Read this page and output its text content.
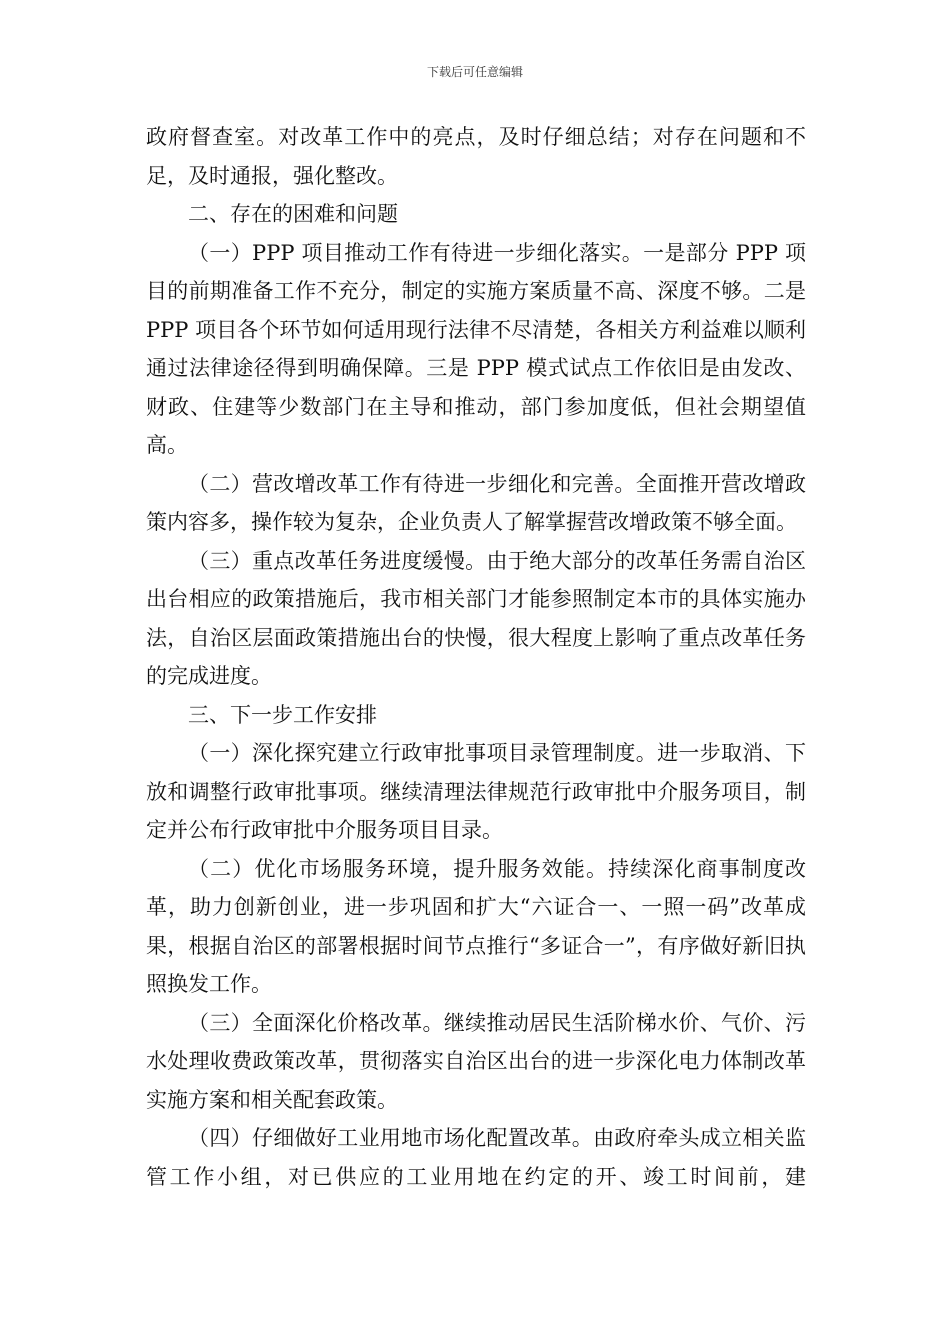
下载后可任意编辑

政府督查室。对改革工作中的亮点，及时仔细总结；对存在问题和不足，及时通报，强化整改。

二、存在的困难和问题

（一）PPP 项目推动工作有待进一步细化落实。一是部分 PPP 项目的前期准备工作不充分，制定的实施方案质量不高、深度不够。二是 PPP 项目各个环节如何适用现行法律不尽清楚，各相关方利益难以顺利通过法律途径得到明确保障。三是 PPP 模式试点工作依旧是由发改、财政、住建等少数部门在主导和推动，部门参加度低，但社会期望值高。

（二）营改增改革工作有待进一步细化和完善。全面推开营改增政策内容多，操作较为复杂，企业负责人了解掌握营改增政策不够全面。

（三）重点改革任务进度缓慢。由于绝大部分的改革任务需自治区出台相应的政策措施后，我市相关部门才能参照制定本市的具体实施办法，自治区层面政策措施出台的快慢，很大程度上影响了重点改革任务的完成进度。

三、下一步工作安排

（一）深化探究建立行政审批事项目录管理制度。进一步取消、下放和调整行政审批事项。继续清理法律规范行政审批中介服务项目，制定并公布行政审批中介服务项目目录。

（二）优化市场服务环境，提升服务效能。持续深化商事制度改革，助力创新创业，进一步巩固和扩大“六证合一、一照一码”改革成果，根据自治区的部署根据时间节点推行“多证合一”，有序做好新旧执照换发工作。

（三）全面深化价格改革。继续推动居民生活阶梯水价、气价、污水处理收费政策改革，贯彻落实自治区出台的进一步深化电力体制改革实施方案和相关配套政策。

（四）仔细做好工业用地市场化配置改革。由政府牵头成立相关监管工作小组，对已供应的工业用地在约定的开、竣工时间前，建
